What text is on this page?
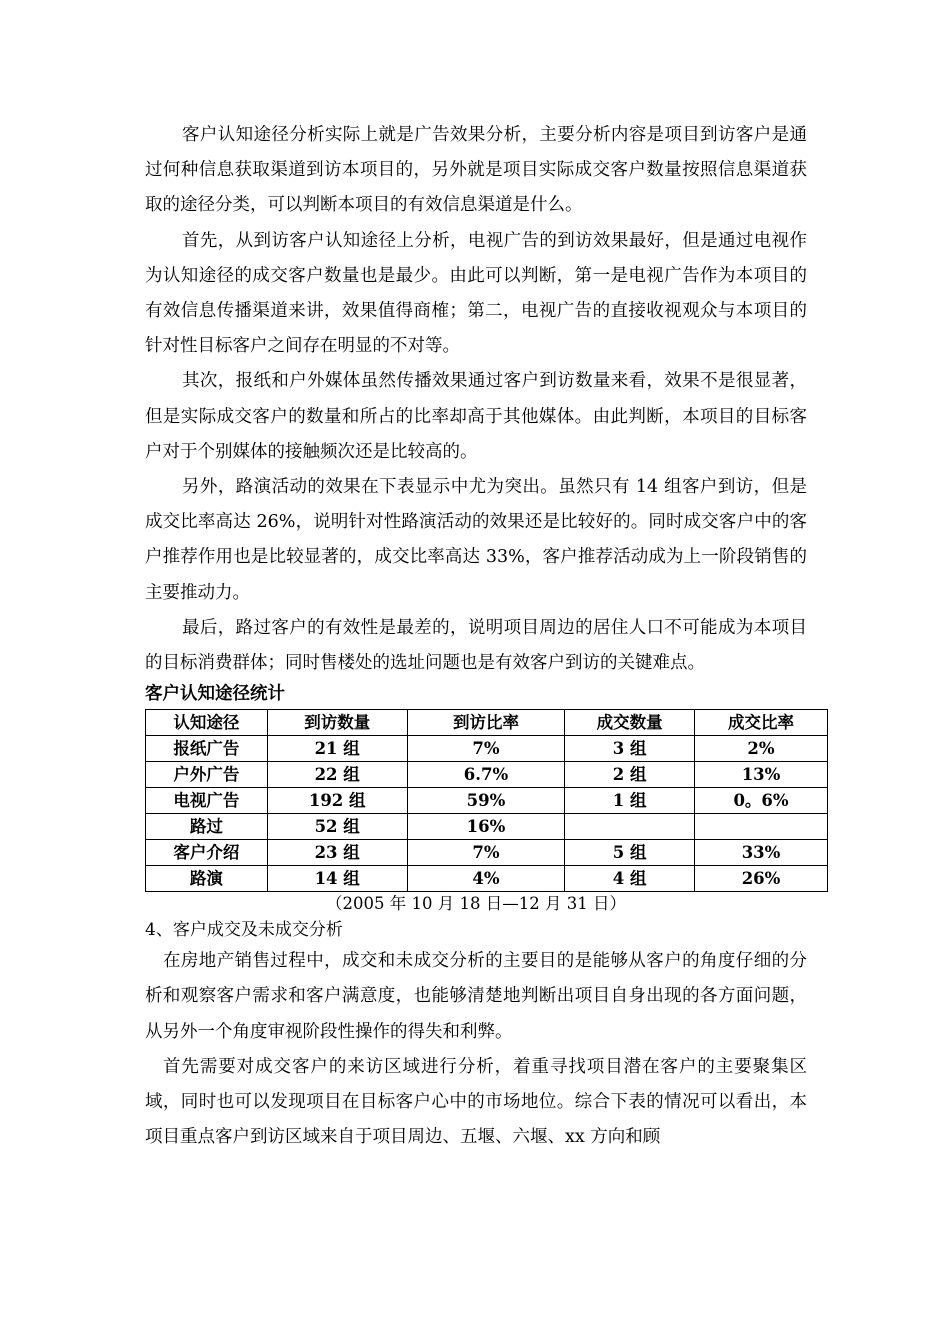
客户认知途径分析实际上就是广告效果分析，主要分析内容是项目到访客户是通过何种信息获取渠道到访本项目的，另外就是项目实际成交客户数量按照信息渠道获取的途径分类，可以判断本项目的有效信息渠道是什么。

首先，从到访客户认知途径上分析，电视广告的到访效果最好，但是通过电视作为认知途径的成交客户数量也是最少。由此可以判断，第一是电视广告作为本项目的有效信息传播渠道来讲，效果值得商榷；第二，电视广告的直接收视观众与本项目的针对性目标客户之间存在明显的不对等。

其次，报纸和户外媒体虽然传播效果通过客户到访数量来看，效果不是很显著，但是实际成交客户的数量和所占的比率却高于其他媒体。由此判断，本项目的目标客户对于个别媒体的接触频次还是比较高的。

另外，路演活动的效果在下表显示中尤为突出。虽然只有 14 组客户到访，但是成交比率高达 26%，说明针对性路演活动的效果还是比较好的。同时成交客户中的客户推荐作用也是比较显著的，成交比率高达 33%，客户推荐活动成为上一阶段销售的主要推动力。

最后，路过客户的有效性是最差的，说明项目周边的居住人口不可能成为本项目的目标消费群体；同时售楼处的选址问题也是有效客户到访的关键难点。

客户认知途径统计

认知途径	到访数量	到访比率	成交数量	成交比率
报纸广告	21 组	7%	3 组	2%
户外广告	22 组	6.7%	2 组	13%
电视广告	192 组	59%	1 组	0。6%
路过	52 组	16%		
客户介绍	23 组	7%	5 组	33%
路演	14 组	4%	4 组	26%

（2005 年 10 月 18 日—12 月 31 日）

4、客户成交及未成交分析

在房地产销售过程中，成交和未成交分析的主要目的是能够从客户的角度仔细的分析和观察客户需求和客户满意度，也能够清楚地判断出项目自身出现的各方面问题，从另外一个角度审视阶段性操作的得失和利弊。

首先需要对成交客户的来访区域进行分析，着重寻找项目潜在客户的主要聚集区域，同时也可以发现项目在目标客户心中的市场地位。综合下表的情况可以看出，本项目重点客户到访区域来自于项目周边、五堰、六堰、xx 方向和顾
